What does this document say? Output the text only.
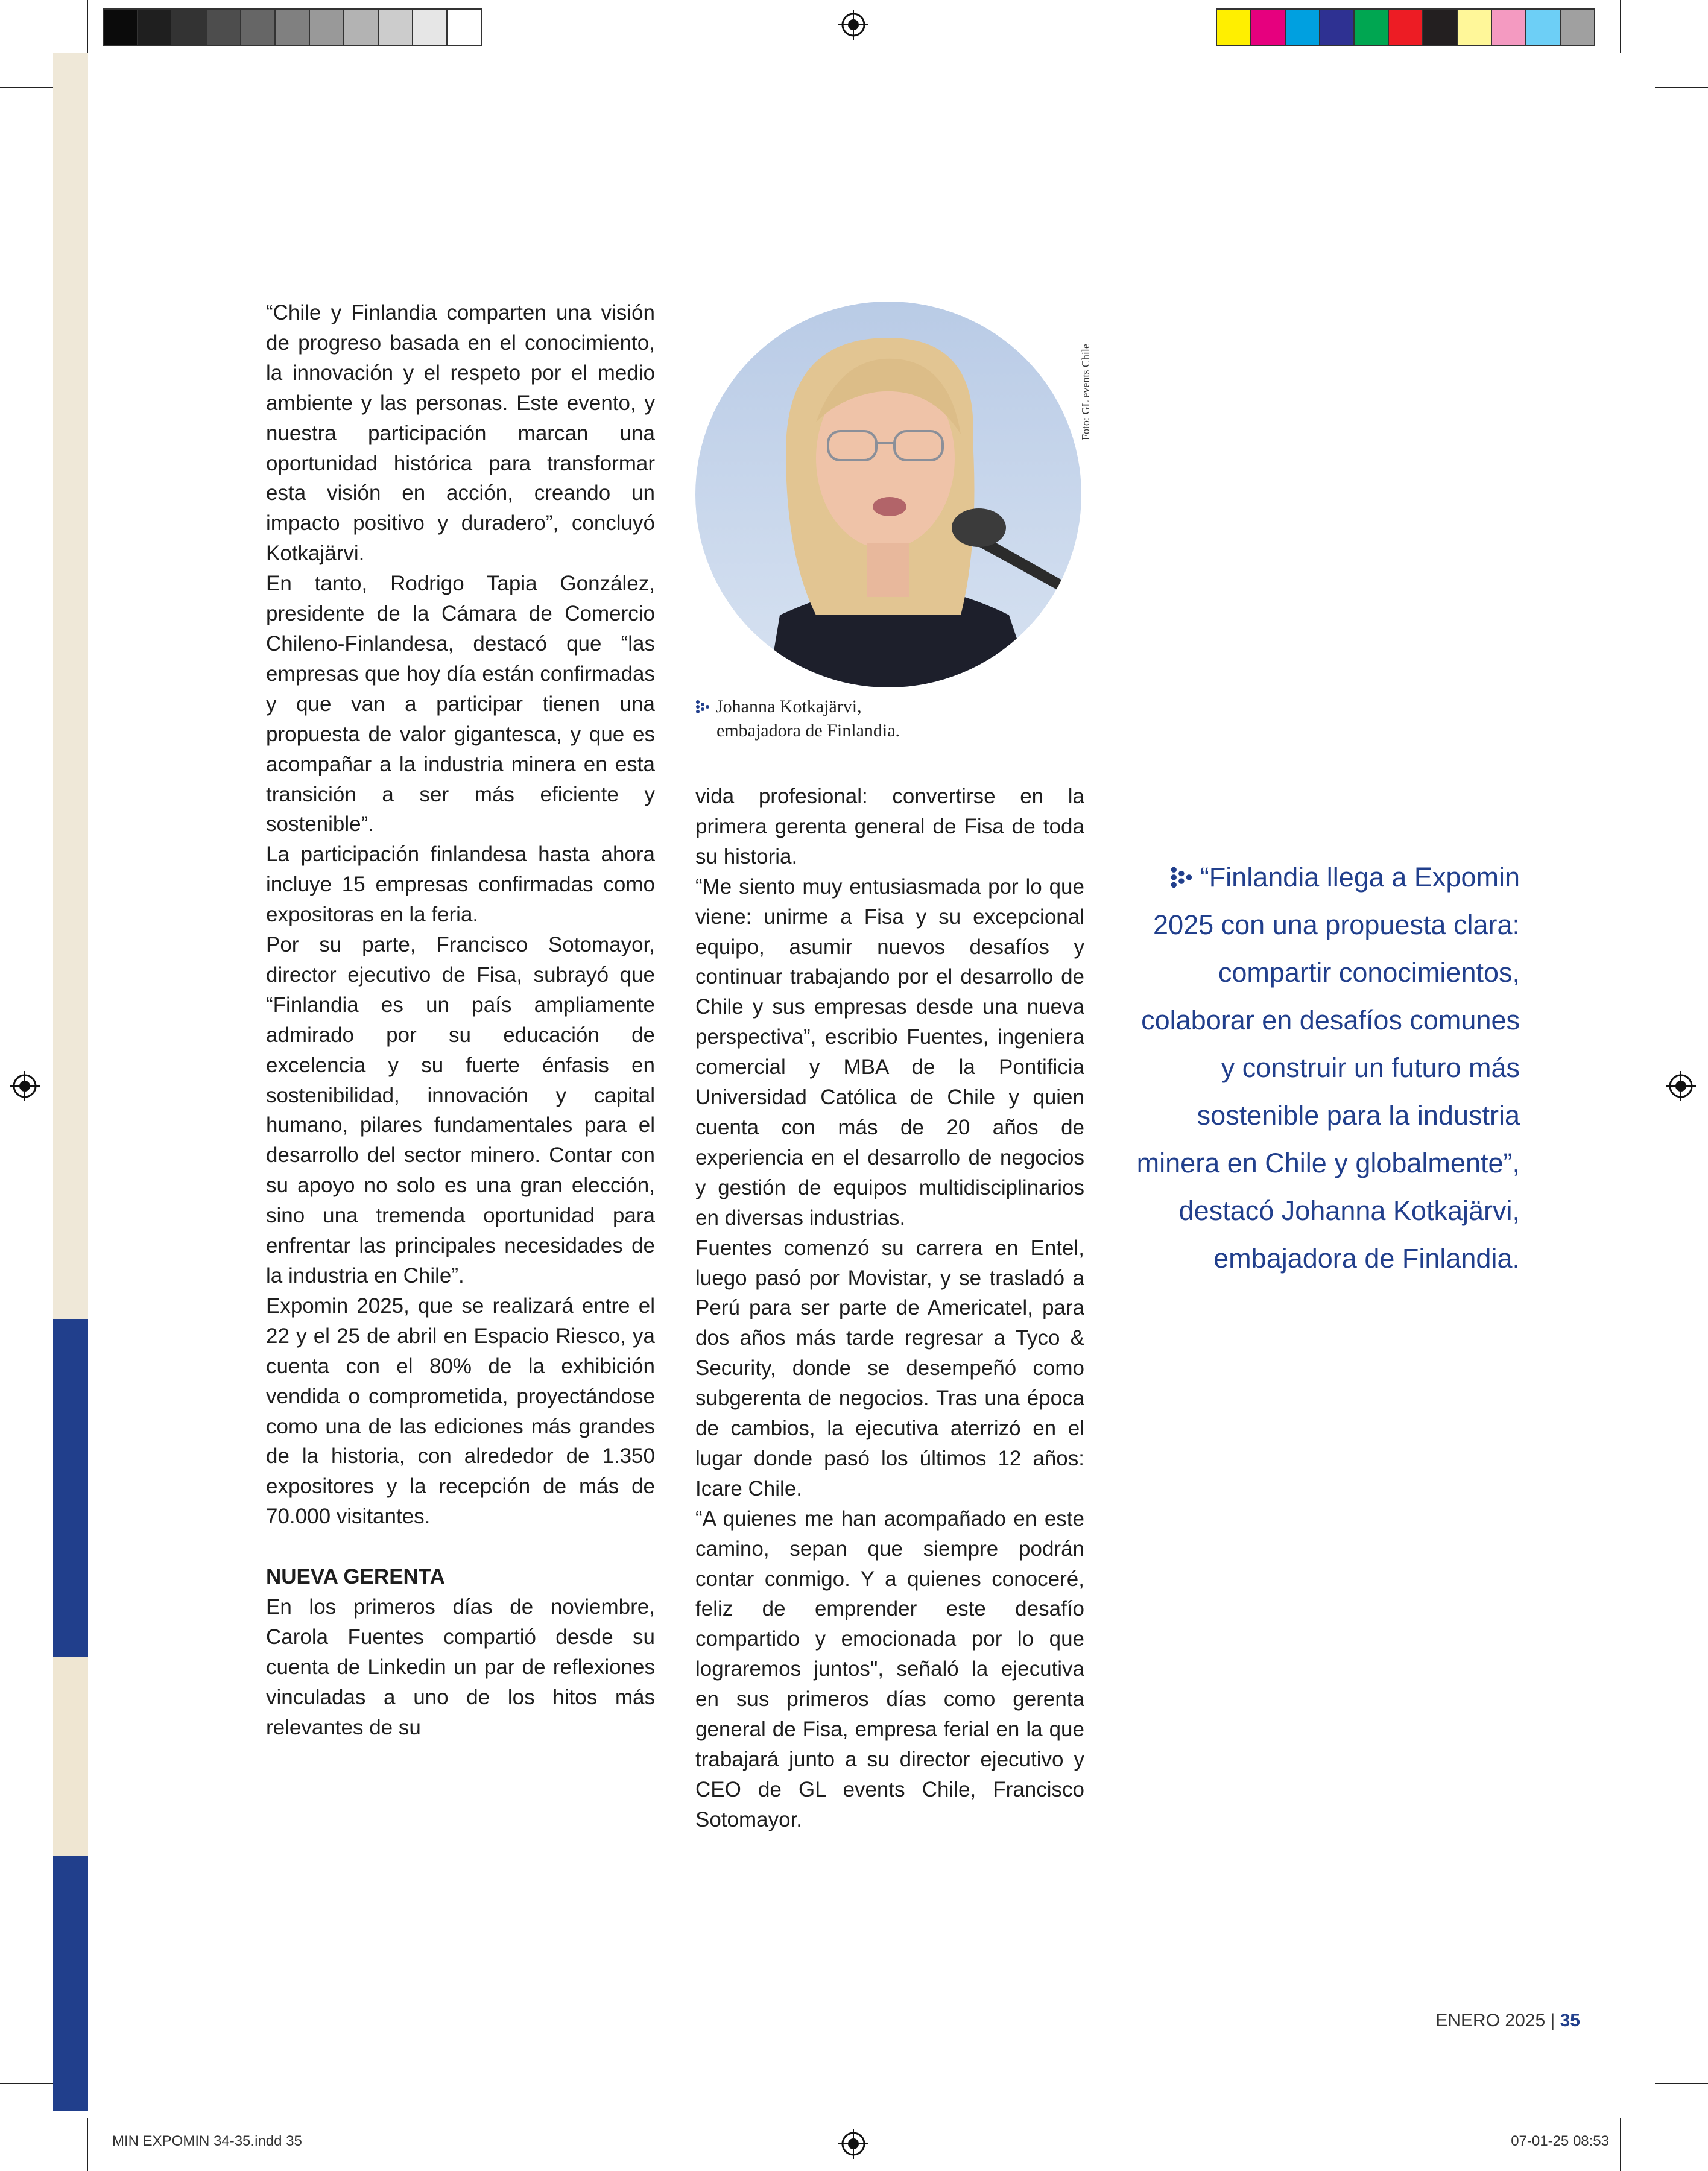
“Chile y Finlandia comparten una visión de progreso basada en el conocimiento, la innovación y el respeto por el medio ambiente y las personas. Este evento, y nuestra participación marcan una oportunidad histórica para transformar esta visión en acción, creando un impacto positivo y duradero”, concluyó Kotkajärvi.

En tanto, Rodrigo Tapia González, presidente de la Cámara de Comercio Chileno-Finlandesa, destacó que “las empresas que hoy día están confirmadas y que van a participar tienen una propuesta de valor gigantesca, y que es acompañar a la industria minera en esta transición a ser más eficiente y sostenible”.

La participación finlandesa hasta ahora incluye 15 empresas confirmadas como expositoras en la feria.

Por su parte, Francisco Sotomayor, director ejecutivo de Fisa, subrayó que “Finlandia es un país ampliamente admirado por su educación de excelencia y su fuerte énfasis en sostenibilidad, innovación y capital humano, pilares fundamentales para el desarrollo del sector minero. Contar con su apoyo no solo es una gran elección, sino una tremenda oportunidad para enfrentar las principales necesidades de la industria en Chile”.

Expomin 2025, que se realizará entre el 22 y el 25 de abril en Espacio Riesco, ya cuenta con el 80% de la exhibición vendida o comprometida, proyectándose como una de las ediciones más grandes de la historia, con alrededor de 1.350 expositores y la recepción de más de 70.000 visitantes.

NUEVA GERENTA

En los primeros días de noviembre, Carola Fuentes compartió desde su cuenta de Linkedin un par de reflexiones vinculadas a uno de los hitos más relevantes de su

Foto: GL events Chile
Johanna Kotkajärvi,
embajadora de Finlandia.

vida profesional: convertirse en la primera gerenta general de Fisa de toda su historia.

“Me siento muy entusiasmada por lo que viene: unirme a Fisa y su excepcional equipo, asumir nuevos desafíos y continuar trabajando por el desarrollo de Chile y sus empresas desde una nueva perspectiva”, escribio Fuentes, ingeniera comercial y MBA de la Pontificia Universidad Católica de Chile y quien cuenta con más de 20 años de experiencia en el desarrollo de negocios y gestión de equipos multidisciplinarios en diversas industrias.

Fuentes comenzó su carrera en Entel, luego pasó por Movistar, y se trasladó a Perú para ser parte de Americatel, para dos años más tarde regresar a Tyco & Security, donde se desempeñó como subgerenta de negocios. Tras una época de cambios, la ejecutiva aterrizó en el lugar donde pasó los últimos 12 años: Icare Chile.

“A quienes me han acompañado en este camino, sepan que siempre podrán contar conmigo. Y a quienes conoceré, feliz de emprender este desafío compartido y emocionada por lo que lograremos juntos", señaló la ejecutiva en sus primeros días como gerenta general de Fisa, empresa ferial en la que trabajará junto a su director ejecutivo y CEO de GL events Chile, Francisco Sotomayor.

“Finlandia llega a Expomin 2025 con una propuesta clara: compartir conocimientos, colaborar en desafíos comunes y construir un futuro más sostenible para la industria minera en Chile y globalmente”, destacó Johanna Kotkajärvi, embajadora de Finlandia.
ENERO 2025 | 35
MIN EXPOMIN 34-35.indd 35	07-01-25 08:53
